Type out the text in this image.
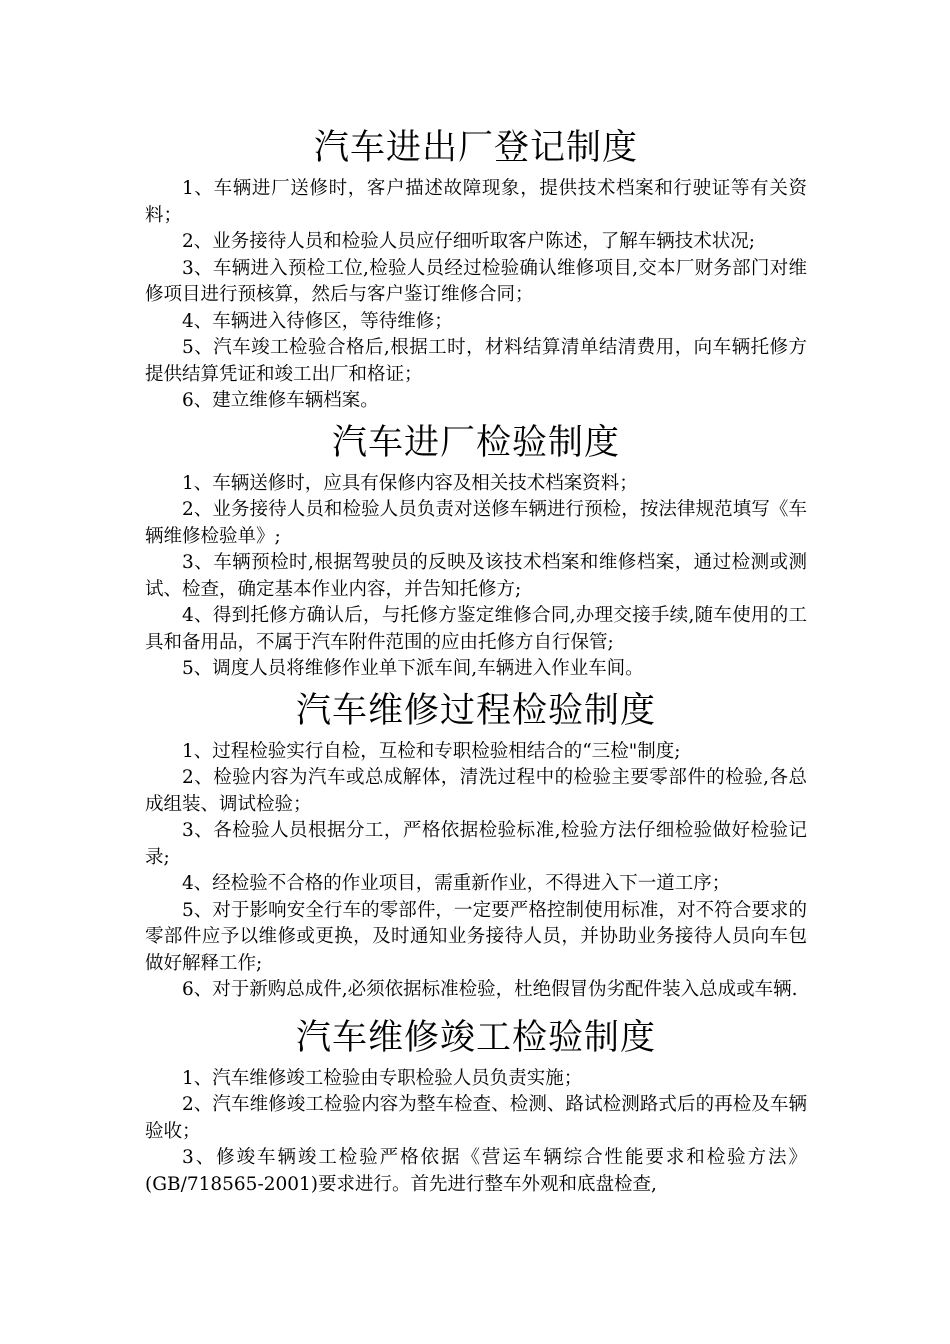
汽车进出厂登记制度

1、车辆进厂送修时，客户描述故障现象，提供技术档案和行驶证等有关资料；

2、业务接待人员和检验人员应仔细听取客户陈述，了解车辆技术状况;

3、车辆进入预检工位,检验人员经过检验确认维修项目,交本厂财务部门对维修项目进行预核算，然后与客户鉴订维修合同；

4、车辆进入待修区，等待维修；

5、汽车竣工检验合格后,根据工时，材料结算清单结清费用，向车辆托修方提供结算凭证和竣工出厂和格证；

6、建立维修车辆档案。

汽车进厂检验制度

1、车辆送修时，应具有保修内容及相关技术档案资料；

2、业务接待人员和检验人员负责对送修车辆进行预检，按法律规范填写《车辆维修检验单》;

3、车辆预检时,根据驾驶员的反映及该技术档案和维修档案，通过检测或测试、检查，确定基本作业内容，并告知托修方;

4、得到托修方确认后，与托修方鉴定维修合同,办理交接手续,随车使用的工具和备用品，不属于汽车附件范围的应由托修方自行保管;

5、调度人员将维修作业单下派车间,车辆进入作业车间。

汽车维修过程检验制度

1、过程检验实行自检，互检和专职检验相结合的“三检"制度;

2、检验内容为汽车或总成解体，清洗过程中的检验主要零部件的检验,各总成组装、调试检验；

3、各检验人员根据分工，严格依据检验标准,检验方法仔细检验做好检验记录;

4、经检验不合格的作业项目，需重新作业，不得进入下一道工序；

5、对于影响安全行车的零部件，一定要严格控制使用标准，对不符合要求的零部件应予以维修或更换，及时通知业务接待人员，并协助业务接待人员向车包做好解释工作;

6、对于新购总成件,必须依据标准检验，杜绝假冒伪劣配件装入总成或车辆.

汽车维修竣工检验制度

1、汽车维修竣工检验由专职检验人员负责实施；

2、汽车维修竣工检验内容为整车检查、检测、路试检测路式后的再检及车辆验收；

3、修竣车辆竣工检验严格依据《营运车辆综合性能要求和检验方法》(GB/718565-2001)要求进行。首先进行整车外观和底盘检查,
